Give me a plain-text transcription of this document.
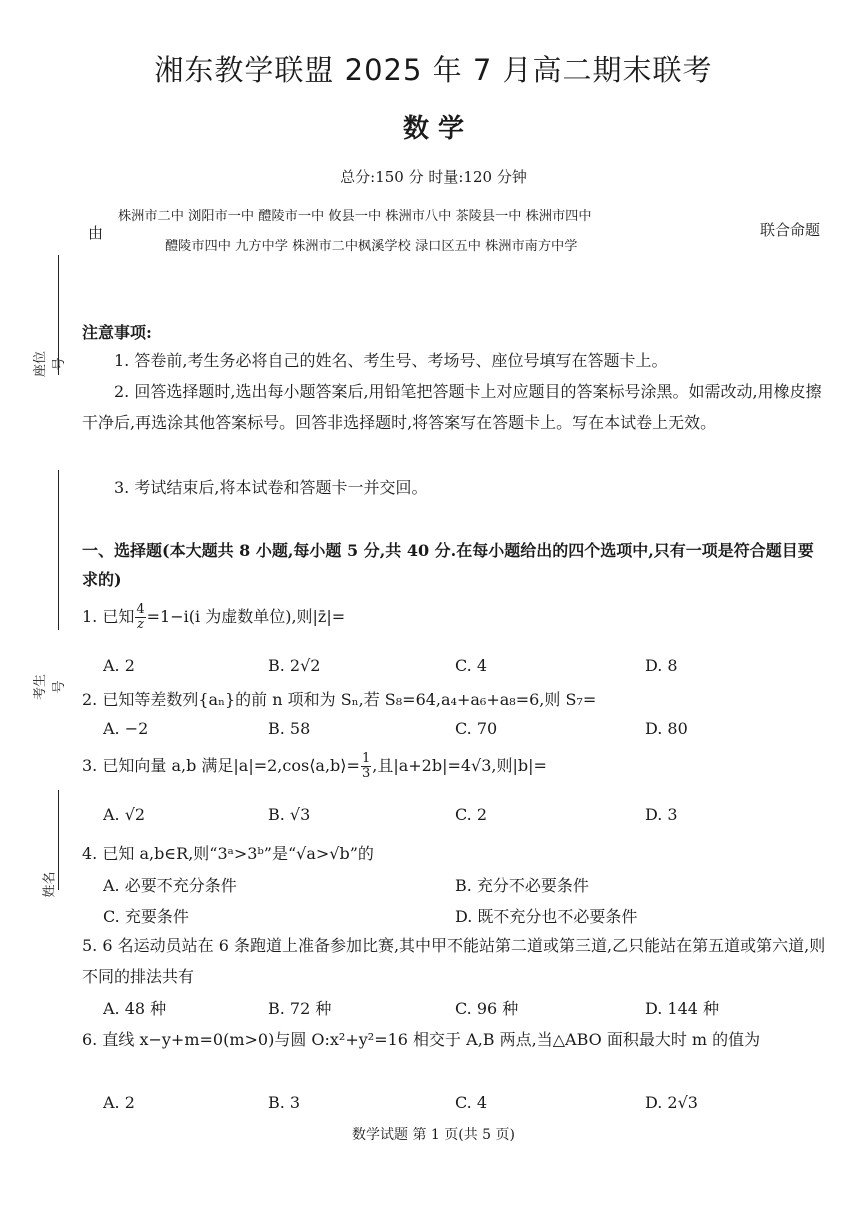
湘东教学联盟 2025 年 7 月高二期末联考
数 学
总分:150 分 时量:120 分钟
由
株洲市二中 浏阳市一中 醴陵市一中 攸县一中 株洲市八中 茶陵县一中 株洲市四中
醴陵市四中 九方中学 株洲市二中枫溪学校 渌口区五中 株洲市南方中学
联合命题
座位号
考生号
姓名
注意事项:
1. 答卷前,考生务必将自己的姓名、考生号、考场号、座位号填写在答题卡上。
2. 回答选择题时,选出每小题答案后,用铅笔把答题卡上对应题目的答案标号涂黑。如需改动,用橡皮擦干净后,再选涂其他答案标号。回答非选择题时,将答案写在答题卡上。写在本试卷上无效。
3. 考试结束后,将本试卷和答题卡一并交回。
一、选择题(本大题共 8 小题,每小题 5 分,共 40 分.在每小题给出的四个选项中,只有一项是符合题目要求的)
1. 已知 $\frac{4}{z} =1-i(i$ 为虚数单位),则|z̄|=
A. 2	B. 2√2	C. 4	D. 8
2. 已知等差数列{aₙ}的前 n 项和为 Sₙ,若 S₈=64,a₄+a₆+a₈=6,则 S₇=
A. −2	B. 58	C. 70	D. 80
3. 已知向量 a,b 满足|a|=2,cos⟨a,b⟩= $\frac{1}{3}$ ,且|a+2b|=4√3,则|b|=
A. √2	B. √3	C. 2	D. 3
4. 已知 a,b∈R,则“3ᵃ>3ᵇ”是“√a>√b”的
A. 必要不充分条件	B. 充分不必要条件
C. 充要条件	D. 既不充分也不必要条件
5. 6 名运动员站在 6 条跑道上准备参加比赛,其中甲不能站第二道或第三道,乙只能站在第五道或第六道,则不同的排法共有
A. 48 种	B. 72 种	C. 96 种	D. 144 种
6. 直线 x−y+m=0(m>0)与圆 O:x²+y²=16 相交于 A,B 两点,当△ABO 面积最大时 m 的值为
A. 2	B. 3	C. 4	D. 2√3
数学试题 第 1 页(共 5 页)
